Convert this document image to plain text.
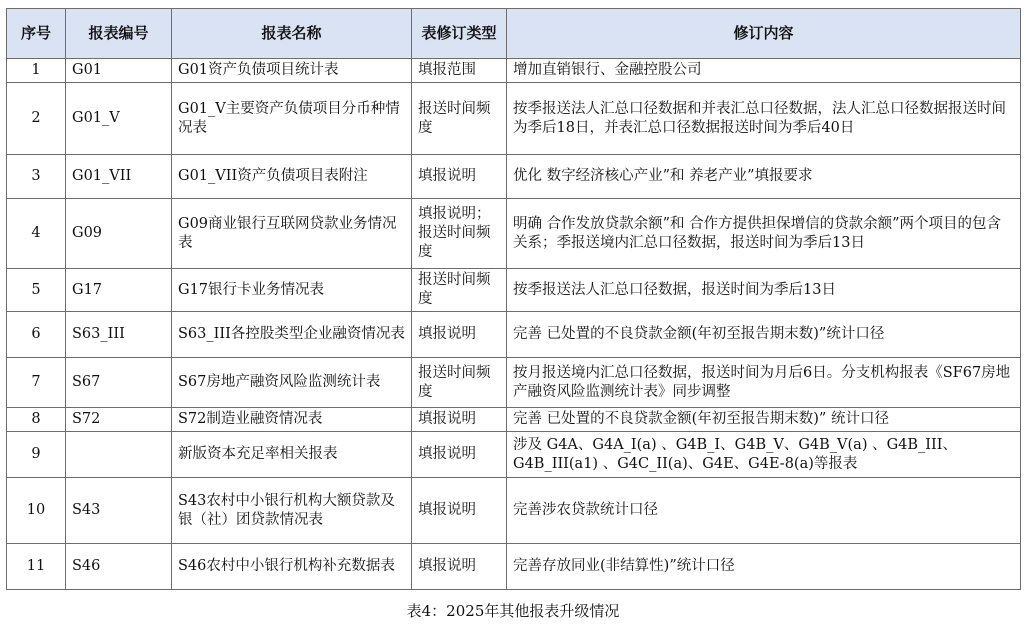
序号	报表编号	报表名称	表修订类型	修订内容
1	G01	G01资产负债项目统计表	填报范围	增加直销银行、金融控股公司
2	G01_V	G01_V主要资产负债项目分币种情况表	报送时间频度	按季报送法人汇总口径数据和并表汇总口径数据，法人汇总口径数据报送时间为季后18日，并表汇总口径数据报送时间为季后40日
3	G01_VII	G01_VII资产负债项目表附注	填报说明	优化 数字经济核心产业”和 养老产业”填报要求
4	G09	G09商业银行互联网贷款业务情况表	填报说明；报送时间频度	明确 合作发放贷款余额”和 合作方提供担保增信的贷款余额”两个项目的包含关系；季报送境内汇总口径数据，报送时间为季后13日
5	G17	G17银行卡业务情况表	报送时间频度	按季报送法人汇总口径数据，报送时间为季后13日
6	S63_III	S63_III各控股类型企业融资情况表	填报说明	完善 已处置的不良贷款金额(年初至报告期末数)”统计口径
7	S67	S67房地产融资风险监测统计表	报送时间频度	按月报送境内汇总口径数据，报送时间为月后6日。分支机构报表《SF67房地产融资风险监测统计表》同步调整
8	S72	S72制造业融资情况表	填报说明	完善 已处置的不良贷款金额(年初至报告期末数)” 统计口径
9		新版资本充足率相关报表	填报说明	涉及 G4A、G4A_I(a) 、G4B_I、G4B_V、G4B_V(a) 、G4B_III、G4B_III(a1) 、G4C_II(a)、G4E、G4E-8(a)等报表
10	S43	S43农村中小银行机构大额贷款及银（社）团贷款情况表	填报说明	完善涉农贷款统计口径
11	S46	S46农村中小银行机构补充数据表	填报说明	完善存放同业(非结算性)”统计口径
表4：2025年其他报表升级情况
